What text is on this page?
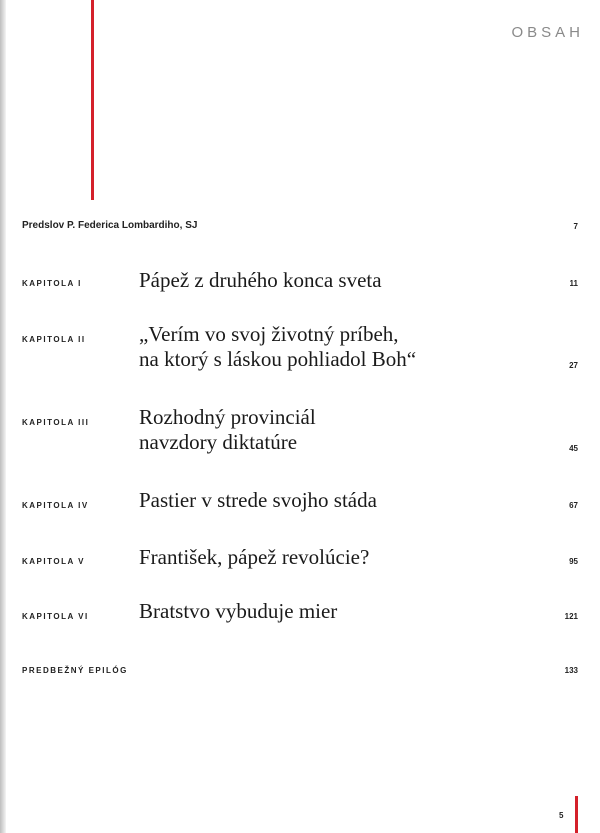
OBSAH
Predslov P. Federica Lombardiho, SJ	7
KAPITOLA I	Pápež z druhého konca sveta	11
KAPITOLA II	„Verím vo svoj životný príbeh,
na ktorý s láskou pohliadol Boh“	27
KAPITOLA III Rozhodný provinciál
navzdory diktatúre	45
KAPITOLA IV Pastier v strede svojho stáda	67
KAPITOLA V	František, pápež revolúcie?	95
KAPITOLA VI Bratstvo vybuduje mier	121
PREDBEŽNÝ EPILÓG	133
5
